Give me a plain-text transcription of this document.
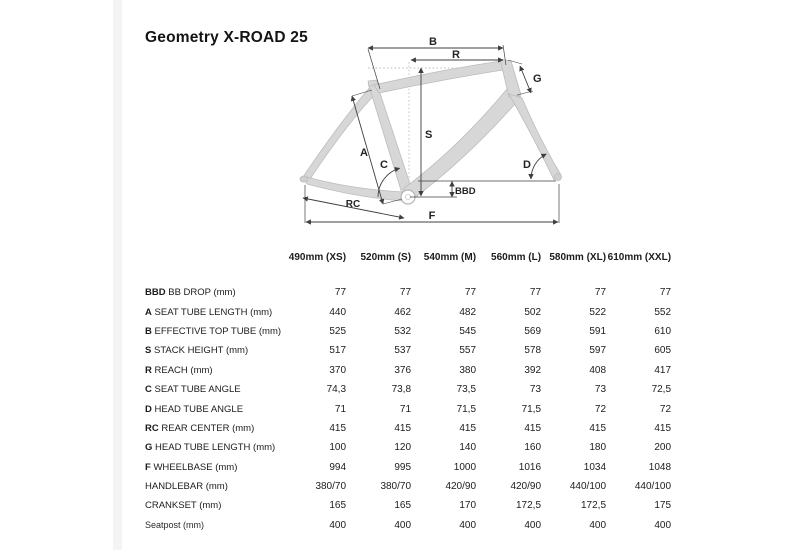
Geometry X-ROAD 25	B
R
G
S
A
C	D
BBD
RC
F
	490mm (XS)	520mm (S)	540mm (M)	560mm (L)	580mm (XL)	610mm (XXL)
BBD BB DROP (mm)	77	77	77	77	77	77
A SEAT TUBE LENGTH (mm)	440	462	482	502	522	552
B EFFECTIVE TOP TUBE (mm)	525	532	545	569	591	610
S STACK HEIGHT (mm)	517	537	557	578	597	605
R REACH (mm)	370	376	380	392	408	417
C SEAT TUBE ANGLE	74,3	73,8	73,5	73	73	72,5
D HEAD TUBE ANGLE	71	71	71,5	71,5	72	72
RC REAR CENTER (mm)	415	415	415	415	415	415
G HEAD TUBE LENGTH (mm)	100	120	140	160	180	200
F WHEELBASE (mm)	994	995	1000	1016	1034	1048
HANDLEBAR (mm)	380/70	380/70	420/90	420/90	440/100	440/100
CRANKSET (mm)	165	165	170	172,5	172,5	175
Seatpost (mm)	400	400	400	400	400	400
